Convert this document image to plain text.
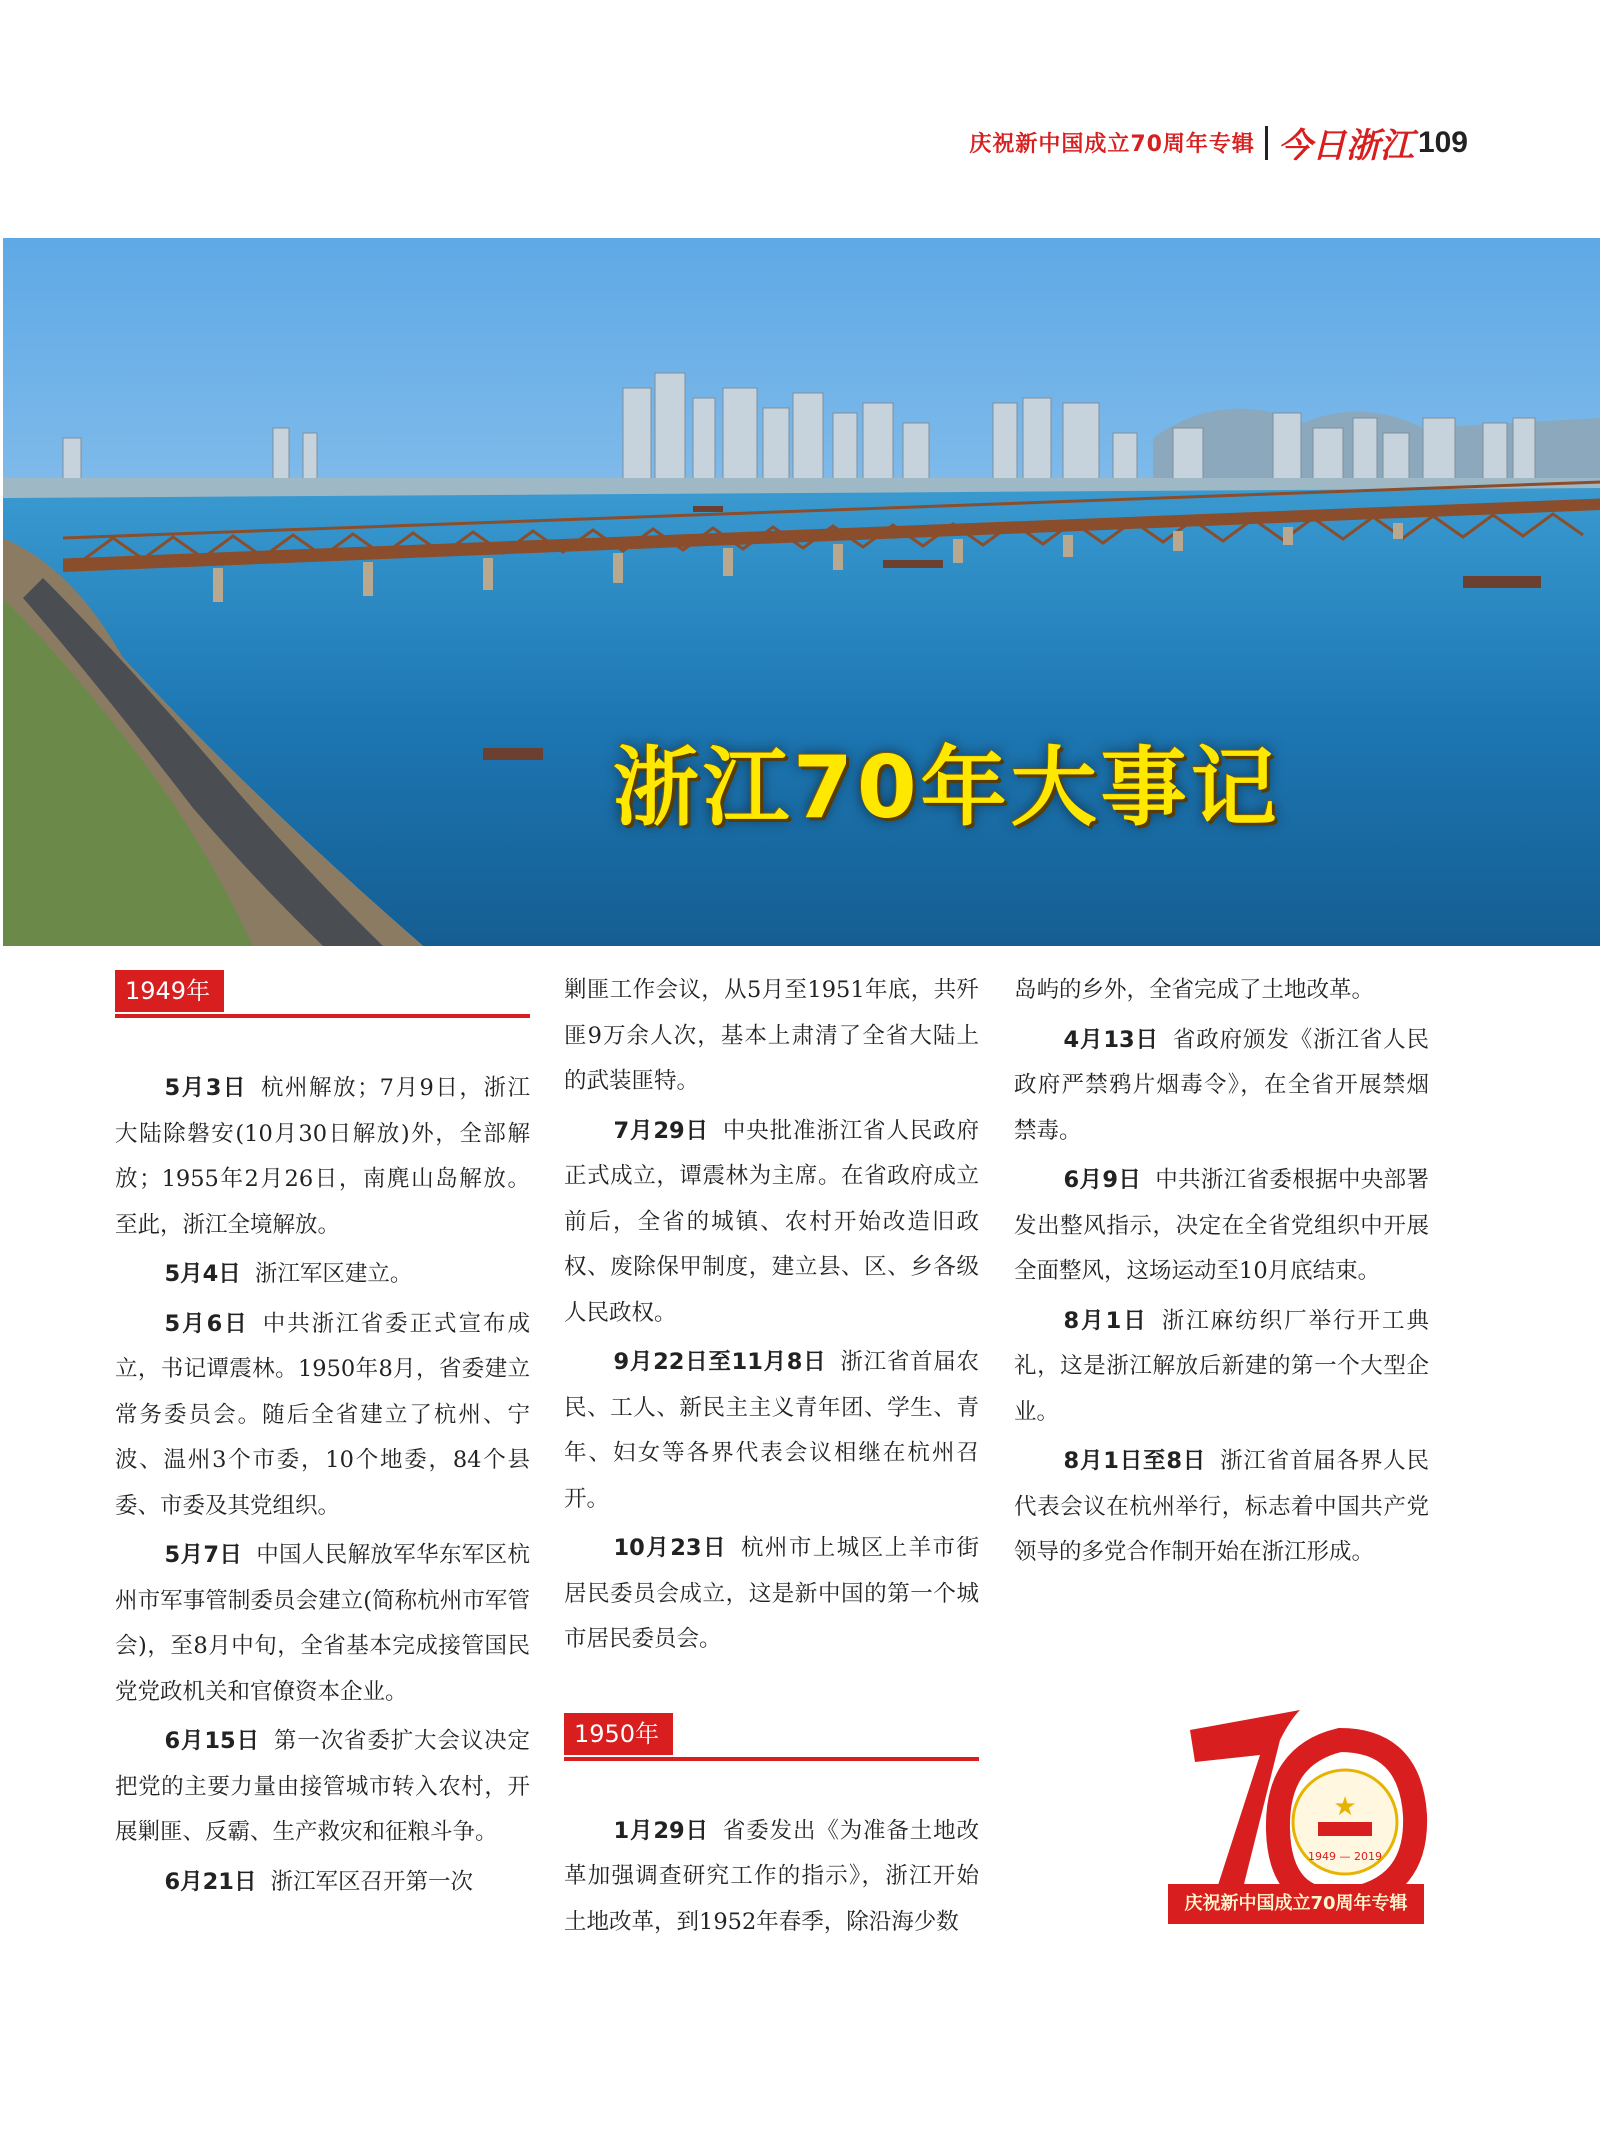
庆祝新中国成立70周年专辑 今日浙江 109
浙江70年大事记
1949年

5月3日 杭州解放；7月9日，浙江大陆除磐安(10月30日解放)外，全部解放；1955年2月26日，南麂山岛解放。至此，浙江全境解放。

5月4日 浙江军区建立。

5月6日 中共浙江省委正式宣布成立，书记谭震林。1950年8月，省委建立常务委员会。随后全省建立了杭州、宁波、温州3个市委，10个地委，84个县委、市委及其党组织。

5月7日 中国人民解放军华东军区杭州市军事管制委员会建立(简称杭州市军管会)，至8月中旬，全省基本完成接管国民党党政机关和官僚资本企业。

6月15日 第一次省委扩大会议决定把党的主要力量由接管城市转入农村，开展剿匪、反霸、生产救灾和征粮斗争。

6月21日 浙江军区召开第一次

剿匪工作会议，从5月至1951年底，共歼匪9万余人次，基本上肃清了全省大陆上的武装匪特。

7月29日 中央批准浙江省人民政府正式成立，谭震林为主席。在省政府成立前后，全省的城镇、农村开始改造旧政权、废除保甲制度，建立县、区、乡各级人民政权。

9月22日至11月8日 浙江省首届农民、工人、新民主主义青年团、学生、青年、妇女等各界代表会议相继在杭州召开。

10月23日 杭州市上城区上羊市街居民委员会成立，这是新中国的第一个城市居民委员会。

1950年

1月29日 省委发出《为准备土地改革加强调查研究工作的指示》，浙江开始土地改革，到1952年春季，除沿海少数

岛屿的乡外，全省完成了土地改革。

4月13日 省政府颁发《浙江省人民政府严禁鸦片烟毒令》，在全省开展禁烟禁毒。

6月9日 中共浙江省委根据中央部署发出整风指示，决定在全省党组织中开展全面整风，这场运动至10月底结束。

8月1日 浙江麻纺织厂举行开工典礼，这是浙江解放后新建的第一个大型企业。

8月1日至8日 浙江省首届各界人民代表会议在杭州举行，标志着中国共产党领导的多党合作制开始在浙江形成。

★
1949 — 2019
庆祝新中国成立70周年专辑
